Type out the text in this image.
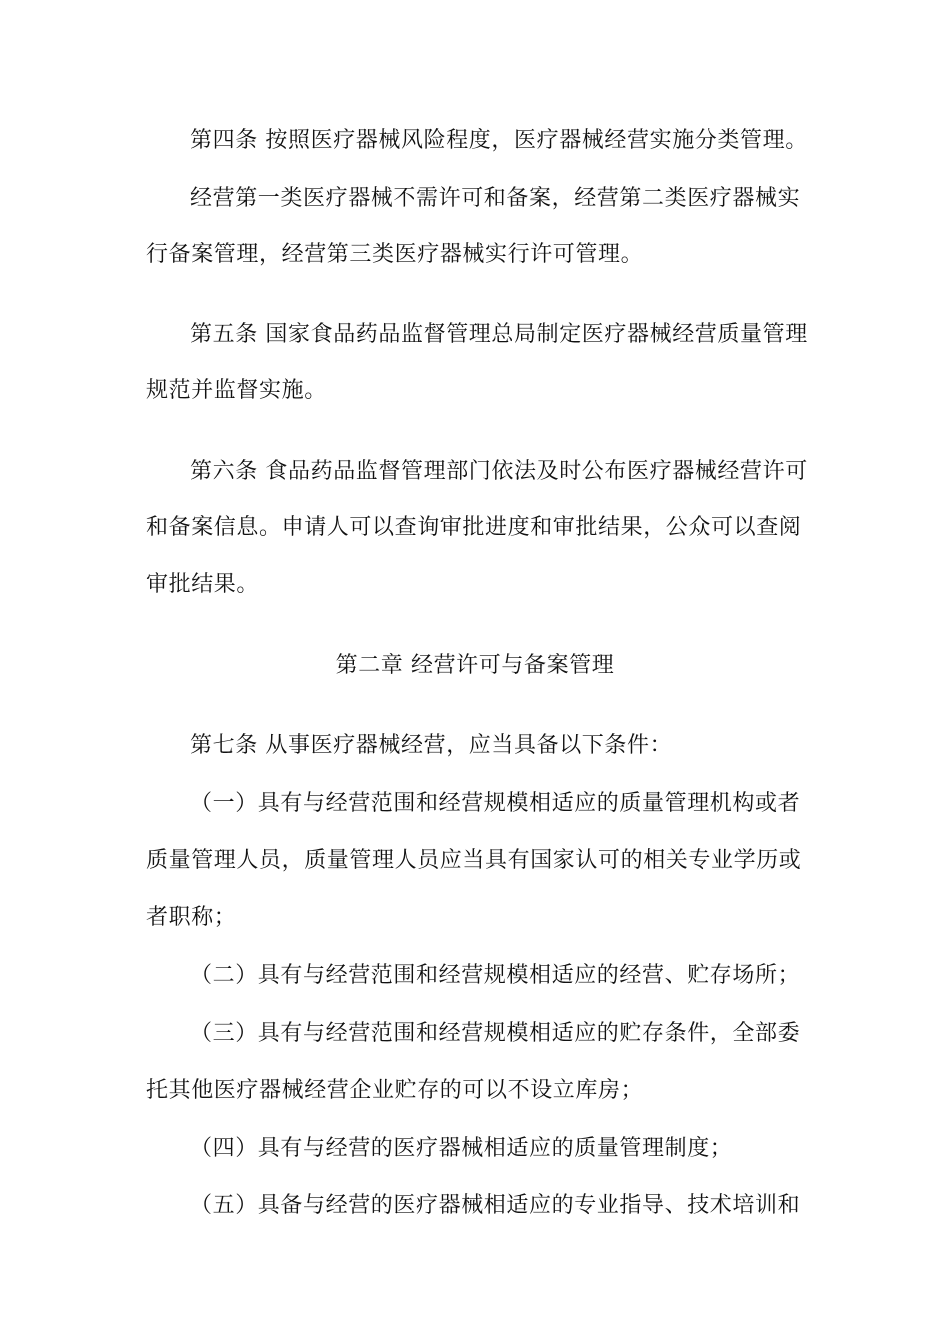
第四条 按照医疗器械风险程度，医疗器械经营实施分类管理。
经营第一类医疗器械不需许可和备案，经营第二类医疗器械实
行备案管理，经营第三类医疗器械实行许可管理。
第五条 国家食品药品监督管理总局制定医疗器械经营质量管理
规范并监督实施。
第六条 食品药品监督管理部门依法及时公布医疗器械经营许可
和备案信息。申请人可以查询审批进度和审批结果，公众可以查阅
审批结果。
第二章 经营许可与备案管理
第七条 从事医疗器械经营，应当具备以下条件：
（一）具有与经营范围和经营规模相适应的质量管理机构或者
质量管理人员，质量管理人员应当具有国家认可的相关专业学历或
者职称；
（二）具有与经营范围和经营规模相适应的经营、贮存场所；
（三）具有与经营范围和经营规模相适应的贮存条件，全部委
托其他医疗器械经营企业贮存的可以不设立库房；
（四）具有与经营的医疗器械相适应的质量管理制度；
（五）具备与经营的医疗器械相适应的专业指导、技术培训和
